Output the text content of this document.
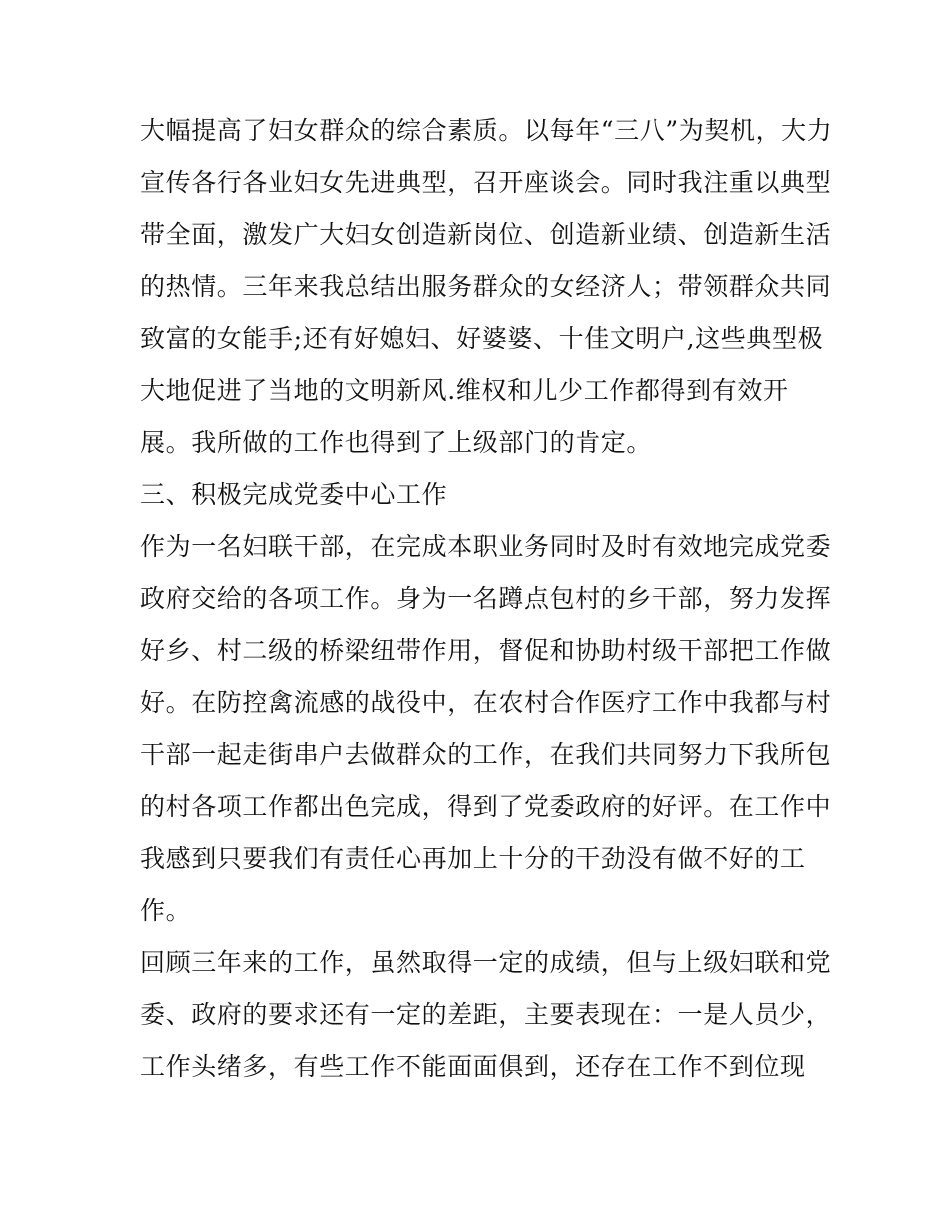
大幅提高了妇女群众的综合素质。以每年“三八”为契机，大力
宣传各行各业妇女先进典型，召开座谈会。同时我注重以典型
带全面，激发广大妇女创造新岗位、创造新业绩、创造新生活
的热情。三年来我总结出服务群众的女经济人；带领群众共同
致富的女能手;还有好媳妇、好婆婆、十佳文明户,这些典型极
大地促进了当地的文明新风.维权和儿少工作都得到有效开
展。我所做的工作也得到了上级部门的肯定。
三、积极完成党委中心工作
作为一名妇联干部，在完成本职业务同时及时有效地完成党委
政府交给的各项工作。身为一名蹲点包村的乡干部，努力发挥
好乡、村二级的桥梁纽带作用，督促和协助村级干部把工作做
好。在防控禽流感的战役中，在农村合作医疗工作中我都与村
干部一起走街串户去做群众的工作，在我们共同努力下我所包
的村各项工作都出色完成，得到了党委政府的好评。在工作中
我感到只要我们有责任心再加上十分的干劲没有做不好的工
作。
回顾三年来的工作，虽然取得一定的成绩，但与上级妇联和党
委、政府的要求还有一定的差距，主要表现在：一是人员少，
工作头绪多，有些工作不能面面俱到，还存在工作不到位现
